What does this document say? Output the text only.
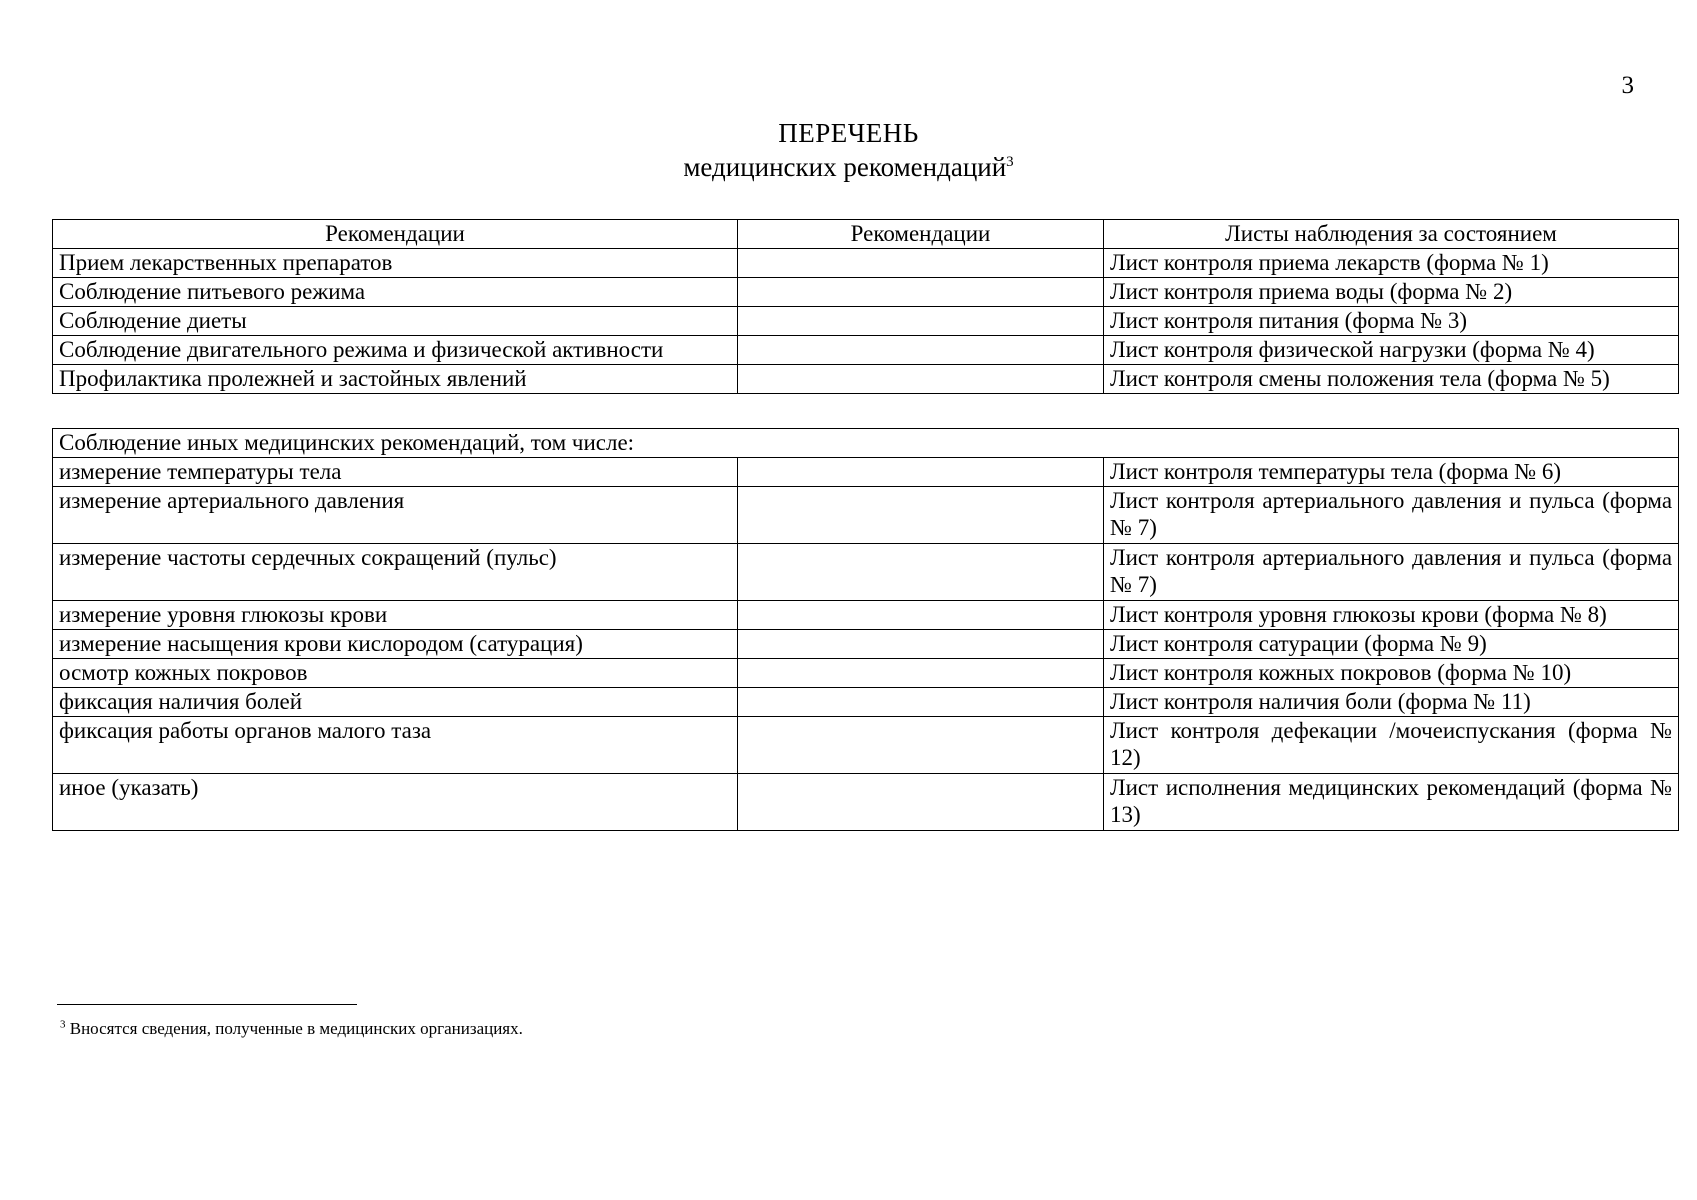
3
ПЕРЕЧЕНЬ
медицинских рекомендаций$^3$
Рекомендации	Рекомендации	Листы наблюдения за состоянием
Прием лекарственных препаратов		Лист контроля приема лекарств (форма № 1)
Соблюдение питьевого режима		Лист контроля приема воды (форма № 2)
Соблюдение диеты		Лист контроля питания (форма № 3)
Соблюдение двигательного режима и физической активности		Лист контроля физической нагрузки (форма № 4)
Профилактика пролежней и застойных явлений		Лист контроля смены положения тела (форма № 5)
Соблюдение иных медицинских рекомендаций, том числе:		
измерение температуры тела		Лист контроля температуры тела (форма № 6)
измерение артериального давления		Лист контроля артериального давления и пульса (форма № 7)
измерение частоты сердечных сокращений (пульс)		Лист контроля артериального давления и пульса (форма № 7)
измерение уровня глюкозы крови		Лист контроля уровня глюкозы крови (форма № 8)
измерение насыщения крови кислородом (сатурация)		Лист контроля сатурации (форма № 9)
осмотр кожных покровов		Лист контроля кожных покровов (форма № 10)
фиксация наличия болей		Лист контроля наличия боли (форма № 11)
фиксация работы органов малого таза		Лист контроля дефекации /мочеиспускания (форма № 12)
иное (указать)		Лист исполнения медицинских рекомендаций (форма № 13)
$^3$ Вносятся сведения, полученные в медицинских организациях.
